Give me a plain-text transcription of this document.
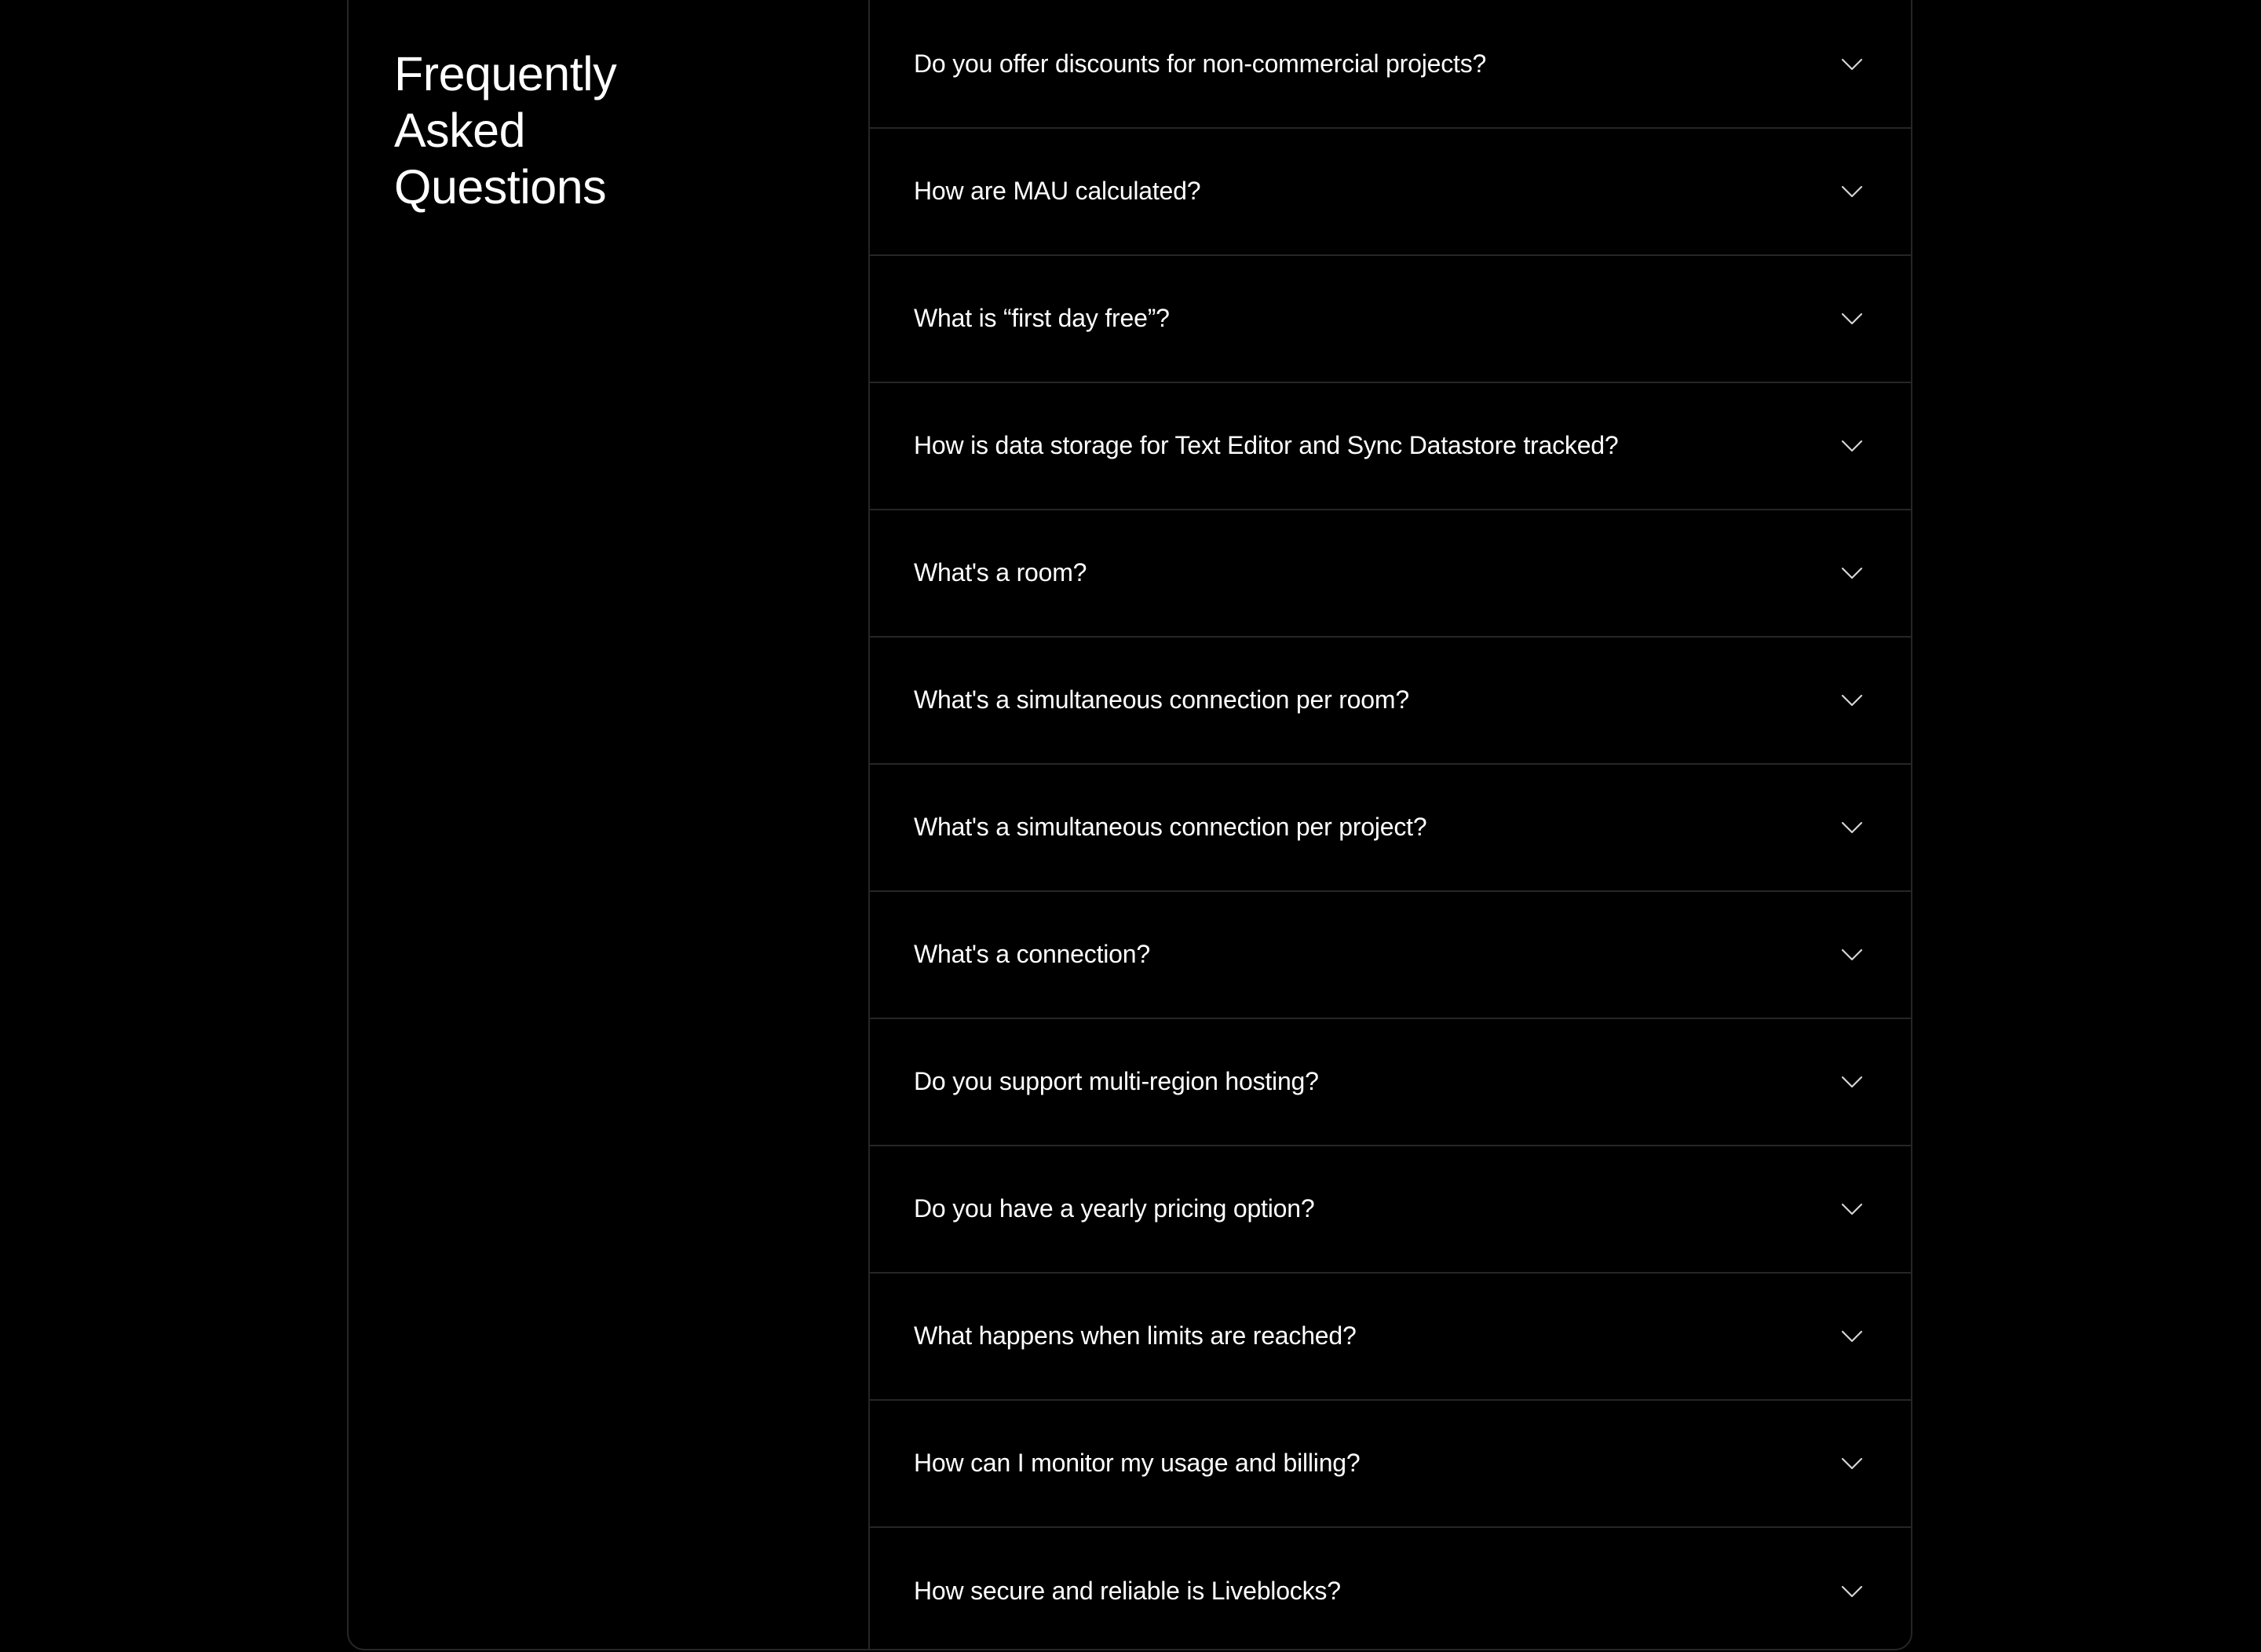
Frequently
Asked
Questions
Do you offer discounts for non-commercial projects?
How are MAU calculated?
What is “first day free”?
How is data storage for Text Editor and Sync Datastore tracked?
What's a room?
What's a simultaneous connection per room?
What's a simultaneous connection per project?
What's a connection?
Do you support multi-region hosting?
Do you have a yearly pricing option?
What happens when limits are reached?
How can I monitor my usage and billing?
How secure and reliable is Liveblocks?
